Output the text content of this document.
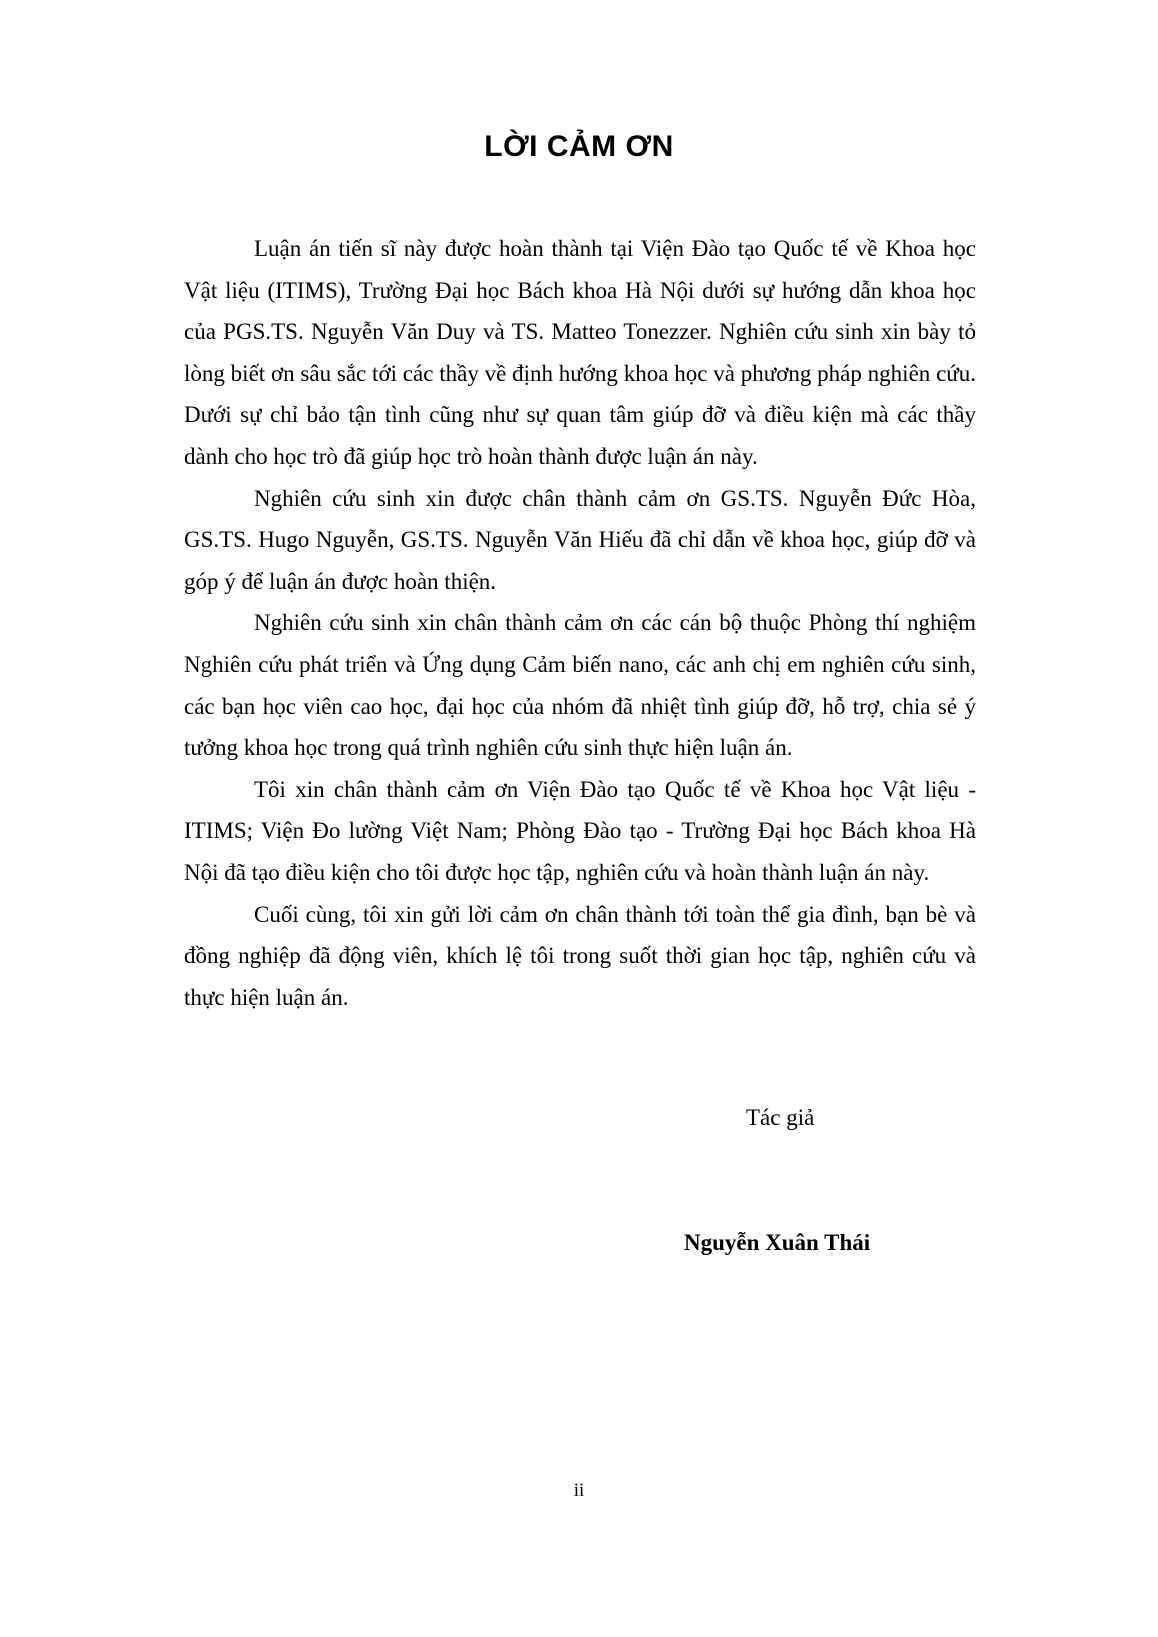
LỜI CẢM ƠN

Luận án tiến sĩ này được hoàn thành tại Viện Đào tạo Quốc tế về Khoa học Vật liệu (ITIMS), Trường Đại học Bách khoa Hà Nội dưới sự hướng dẫn khoa học của PGS.TS. Nguyễn Văn Duy và TS. Matteo Tonezzer. Nghiên cứu sinh xin bày tỏ lòng biết ơn sâu sắc tới các thầy về định hướng khoa học và phương pháp nghiên cứu. Dưới sự chỉ bảo tận tình cũng như sự quan tâm giúp đỡ và điều kiện mà các thầy dành cho học trò đã giúp học trò hoàn thành được luận án này.

Nghiên cứu sinh xin được chân thành cảm ơn GS.TS. Nguyễn Đức Hòa, GS.TS. Hugo Nguyễn, GS.TS. Nguyễn Văn Hiếu đã chỉ dẫn về khoa học, giúp đỡ và góp ý để luận án được hoàn thiện.

Nghiên cứu sinh xin chân thành cảm ơn các cán bộ thuộc Phòng thí nghiệm Nghiên cứu phát triển và Ứng dụng Cảm biến nano, các anh chị em nghiên cứu sinh, các bạn học viên cao học, đại học của nhóm đã nhiệt tình giúp đỡ, hỗ trợ, chia sẻ ý tưởng khoa học trong quá trình nghiên cứu sinh thực hiện luận án.

Tôi xin chân thành cảm ơn Viện Đào tạo Quốc tế về Khoa học Vật liệu - ITIMS; Viện Đo lường Việt Nam; Phòng Đào tạo - Trường Đại học Bách khoa Hà Nội đã tạo điều kiện cho tôi được học tập, nghiên cứu và hoàn thành luận án này.

Cuối cùng, tôi xin gửi lời cảm ơn chân thành tới toàn thể gia đình, bạn bè và đồng nghiệp đã động viên, khích lệ tôi trong suốt thời gian học tập, nghiên cứu và thực hiện luận án.

Tác giả
Nguyễn Xuân Thái
ii
